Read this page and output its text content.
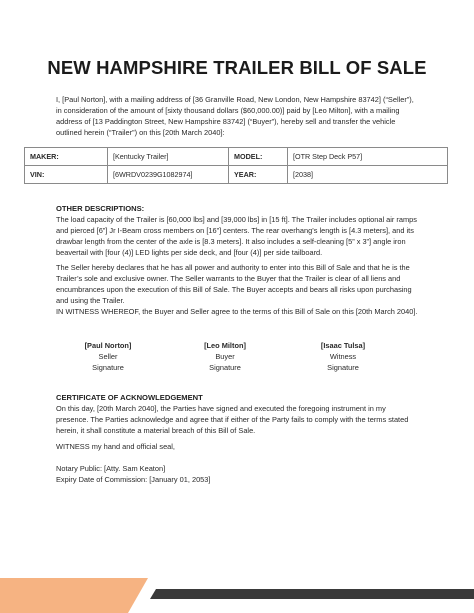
NEW HAMPSHIRE TRAILER BILL OF SALE

I, [Paul Norton], with a mailing address of [36 Granville Road, New London, New Hampshire 83742] (“Seller”), in consideration of the amount of [sixty thousand dollars ($60,000.00)] paid by [Leo Milton], with a mailing address of [13 Paddington Street, New Hampshire 83742] (“Buyer”), hereby sell and transfer the vehicle outlined herein (“Trailer”) on this [20th March 2040]:

MAKER:	[Kentucky Trailer]	MODEL:	[OTR Step Deck P57]
VIN:	[6WRDV0239G1082974]	YEAR:	[2038]
OTHER DESCRIPTIONS:

The load capacity of the Trailer is [60,000 lbs] and [39,000 lbs] in [15 ft]. The Trailer includes optional air ramps and pierced [6”] Jr I-Beam cross members on [16”] centers. The rear overhang’s length is [4.3 meters], and its drawbar length from the center of the axle is [8.3 meters]. It also includes a self-cleaning [5” x 3”] angle iron beavertail with [four (4)] LED lights per side deck, and [four (4)] per side tailboard.

The Seller hereby declares that he has all power and authority to enter into this Bill of Sale and that he is the Trailer’s sole and exclusive owner. The Seller warrants to the Buyer that the Trailer is clear of all liens and encumbrances upon the execution of this Bill of Sale. The Buyer accepts and bears all risks upon purchasing and using the Trailer.

IN WITNESS WHEREOF, the Buyer and Seller agree to the terms of this Bill of Sale on this [20th March 2040].

[Paul Norton]
Seller
Signature
[Leo Milton]
Buyer
Signature
[Isaac Tulsa]
Witness
Signature
CERTIFICATE OF ACKNOWLEDGEMENT

On this day, [20th March 2040], the Parties have signed and executed the foregoing instrument in my presence. The Parties acknowledge and agree that if either of the Party fails to comply with the terms stated herein, it shall constitute a material breach of this Bill of Sale.

WITNESS my hand and official seal,

Notary Public: [Atty. Sam Keaton]
Expiry Date of Commission: [January 01, 2053]
